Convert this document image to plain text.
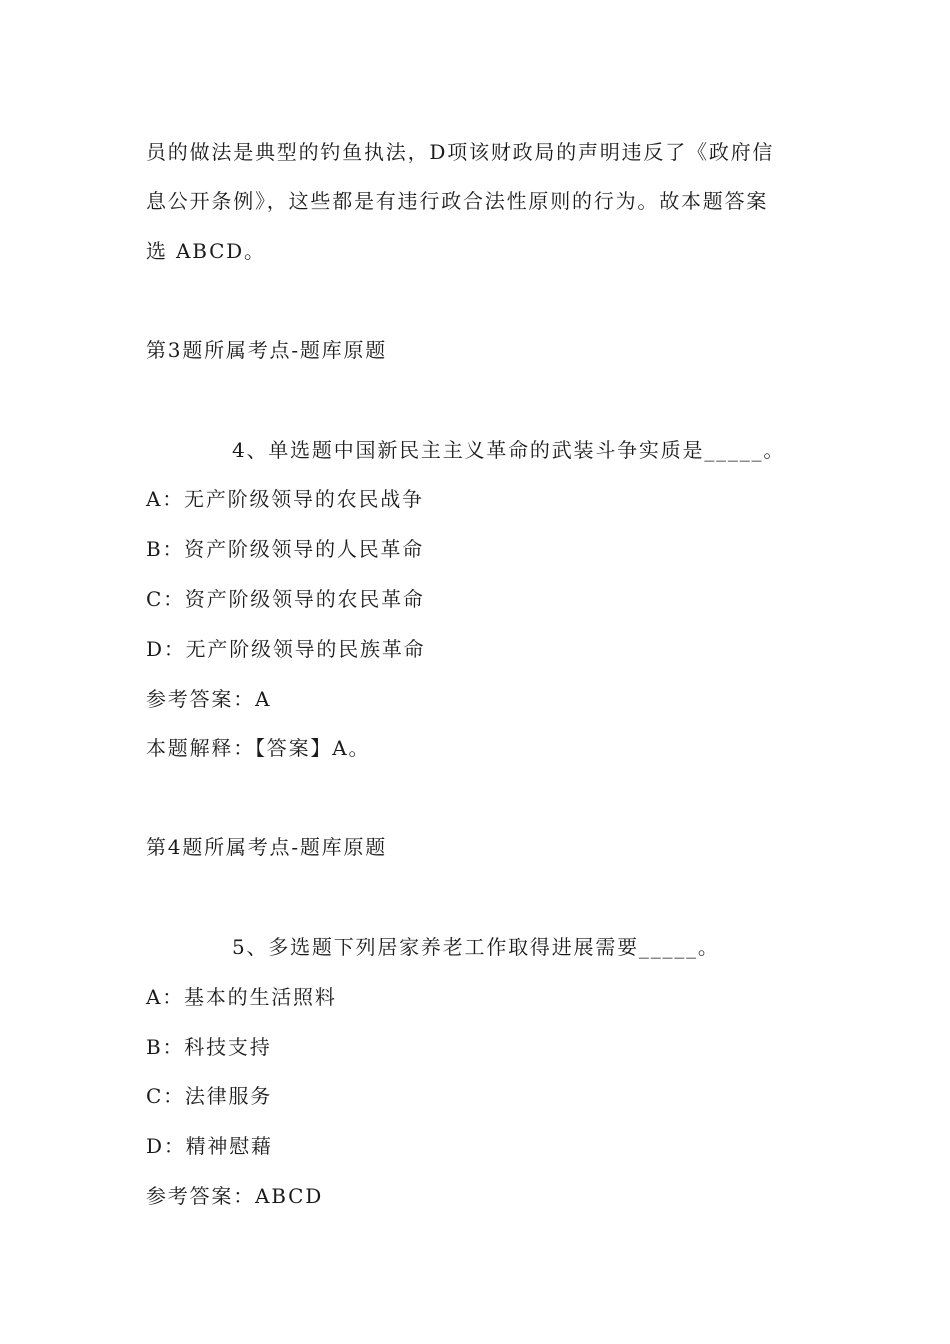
员的做法是典型的钓鱼执法，D项该财政局的声明违反了《政府信
息公开条例》，这些都是有违行政合法性原则的行为。故本题答案
选 ABCD。
第3题所属考点-题库原题
4、单选题中国新民主主义革命的武装斗争实质是_____。
A：无产阶级领导的农民战争
B：资产阶级领导的人民革命
C：资产阶级领导的农民革命
D：无产阶级领导的民族革命
参考答案：A
本题解释：【答案】A。
第4题所属考点-题库原题
5、多选题下列居家养老工作取得进展需要_____。
A：基本的生活照料
B：科技支持
C：法律服务
D：精神慰藉
参考答案：ABCD
